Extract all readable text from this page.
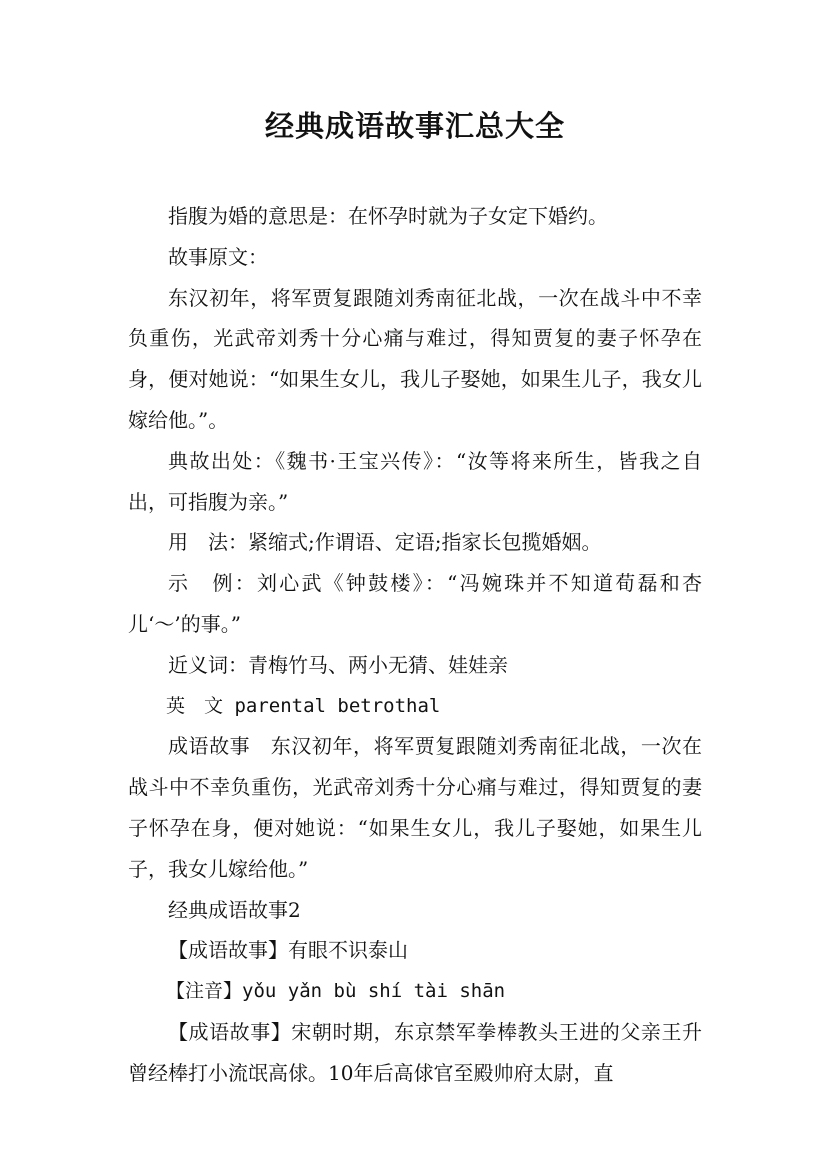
经典成语故事汇总大全

指腹为婚的意思是：在怀孕时就为子女定下婚约。

故事原文：

东汉初年，将军贾复跟随刘秀南征北战，一次在战斗中不幸负重伤，光武帝刘秀十分心痛与难过，得知贾复的妻子怀孕在身，便对她说：“如果生女儿，我儿子娶她，如果生儿子，我女儿嫁给他。”。

典故出处：《魏书·王宝兴传》：“汝等将来所生，皆我之自出，可指腹为亲。”

用　法：紧缩式;作谓语、定语;指家长包揽婚姻。

示　例：刘心武《钟鼓楼》：“冯婉珠并不知道荀磊和杏儿‘～’的事。”

近义词：青梅竹马、两小无猜、娃娃亲

英　文 parental betrothal

成语故事　东汉初年，将军贾复跟随刘秀南征北战，一次在战斗中不幸负重伤，光武帝刘秀十分心痛与难过，得知贾复的妻子怀孕在身，便对她说：“如果生女儿，我儿子娶她，如果生儿子，我女儿嫁给他。”

经典成语故事2

【成语故事】有眼不识泰山

【注音】yǒu yǎn bù shí tài shān

【成语故事】宋朝时期，东京禁军拳棒教头王进的父亲王升曾经棒打小流氓高俅。10年后高俅官至殿帅府太尉，直
